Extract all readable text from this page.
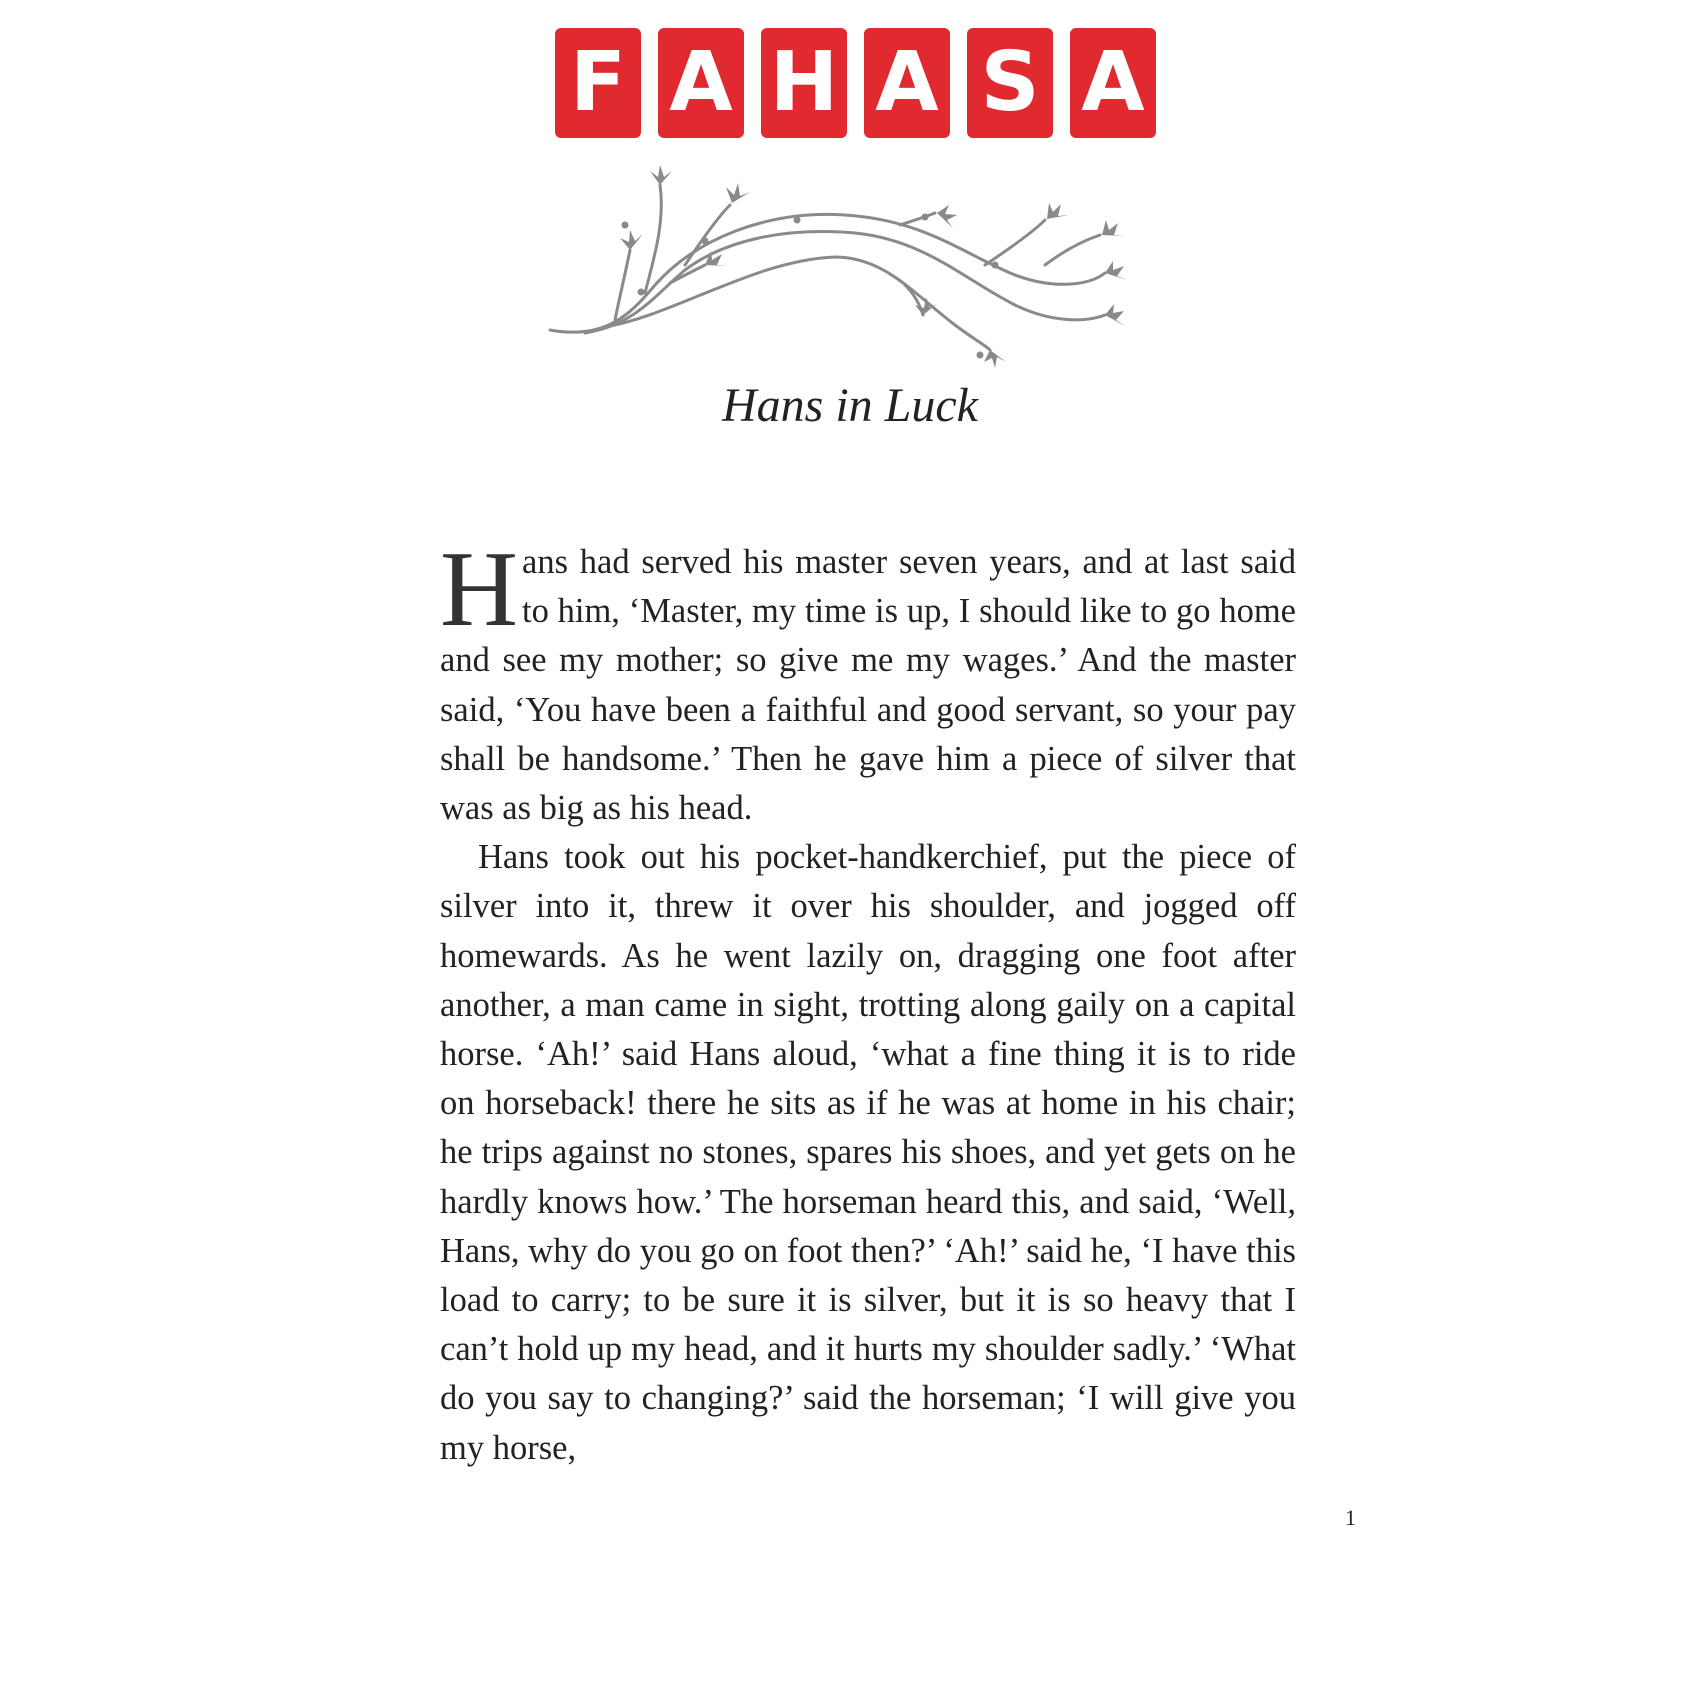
F A H A S A
Hans in Luck

Hans had served his master seven years, and at last said to him, ‘Master, my time is up, I should like to go home and see my mother; so give me my wages.’ And the master said, ‘You have been a faithful and good servant, so your pay shall be handsome.’ Then he gave him a piece of silver that was as big as his head.

Hans took out his pocket-handkerchief, put the piece of silver into it, threw it over his shoulder, and jogged off homewards. As he went lazily on, dragging one foot after another, a man came in sight, trotting along gaily on a capital horse. ‘Ah!’ said Hans aloud, ‘what a fine thing it is to ride on horseback! there he sits as if he was at home in his chair; he trips against no stones, spares his shoes, and yet gets on he hardly knows how.’ The horseman heard this, and said, ‘Well, Hans, why do you go on foot then?’ ‘Ah!’ said he, ‘I have this load to carry; to be sure it is silver, but it is so heavy that I can’t hold up my head, and it hurts my shoulder sadly.’ ‘What do you say to changing?’ said the horseman; ‘I will give you my horse,

1
